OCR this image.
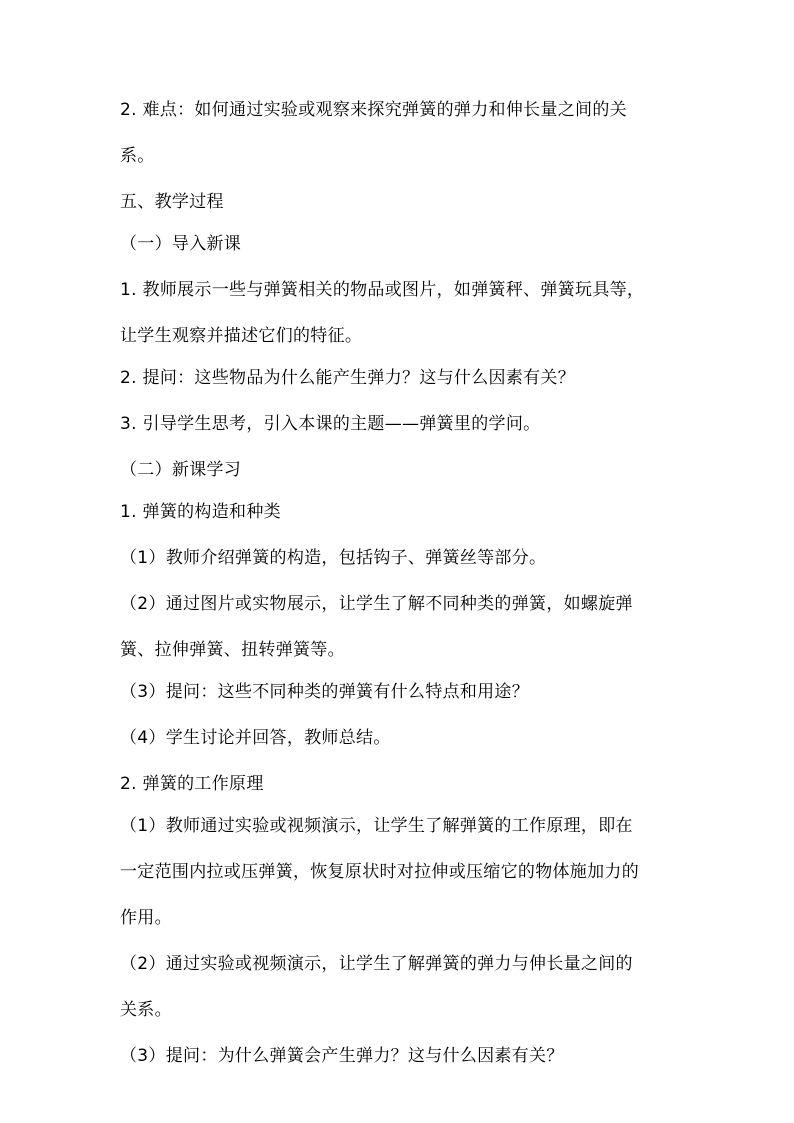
2. 难点：如何通过实验或观察来探究弹簧的弹力和伸长量之间的关

系。

五、教学过程

（一）导入新课

1. 教师展示一些与弹簧相关的物品或图片，如弹簧秤、弹簧玩具等，

让学生观察并描述它们的特征。

2. 提问：这些物品为什么能产生弹力？这与什么因素有关？

3. 引导学生思考，引入本课的主题——弹簧里的学问。

（二）新课学习

1. 弹簧的构造和种类

（1）教师介绍弹簧的构造，包括钩子、弹簧丝等部分。

（2）通过图片或实物展示，让学生了解不同种类的弹簧，如螺旋弹

簧、拉伸弹簧、扭转弹簧等。

（3）提问：这些不同种类的弹簧有什么特点和用途？

（4）学生讨论并回答，教师总结。

2. 弹簧的工作原理

（1）教师通过实验或视频演示，让学生了解弹簧的工作原理，即在

一定范围内拉或压弹簧，恢复原状时对拉伸或压缩它的物体施加力的

作用。

（2）通过实验或视频演示，让学生了解弹簧的弹力与伸长量之间的

关系。

（3）提问：为什么弹簧会产生弹力？这与什么因素有关？
